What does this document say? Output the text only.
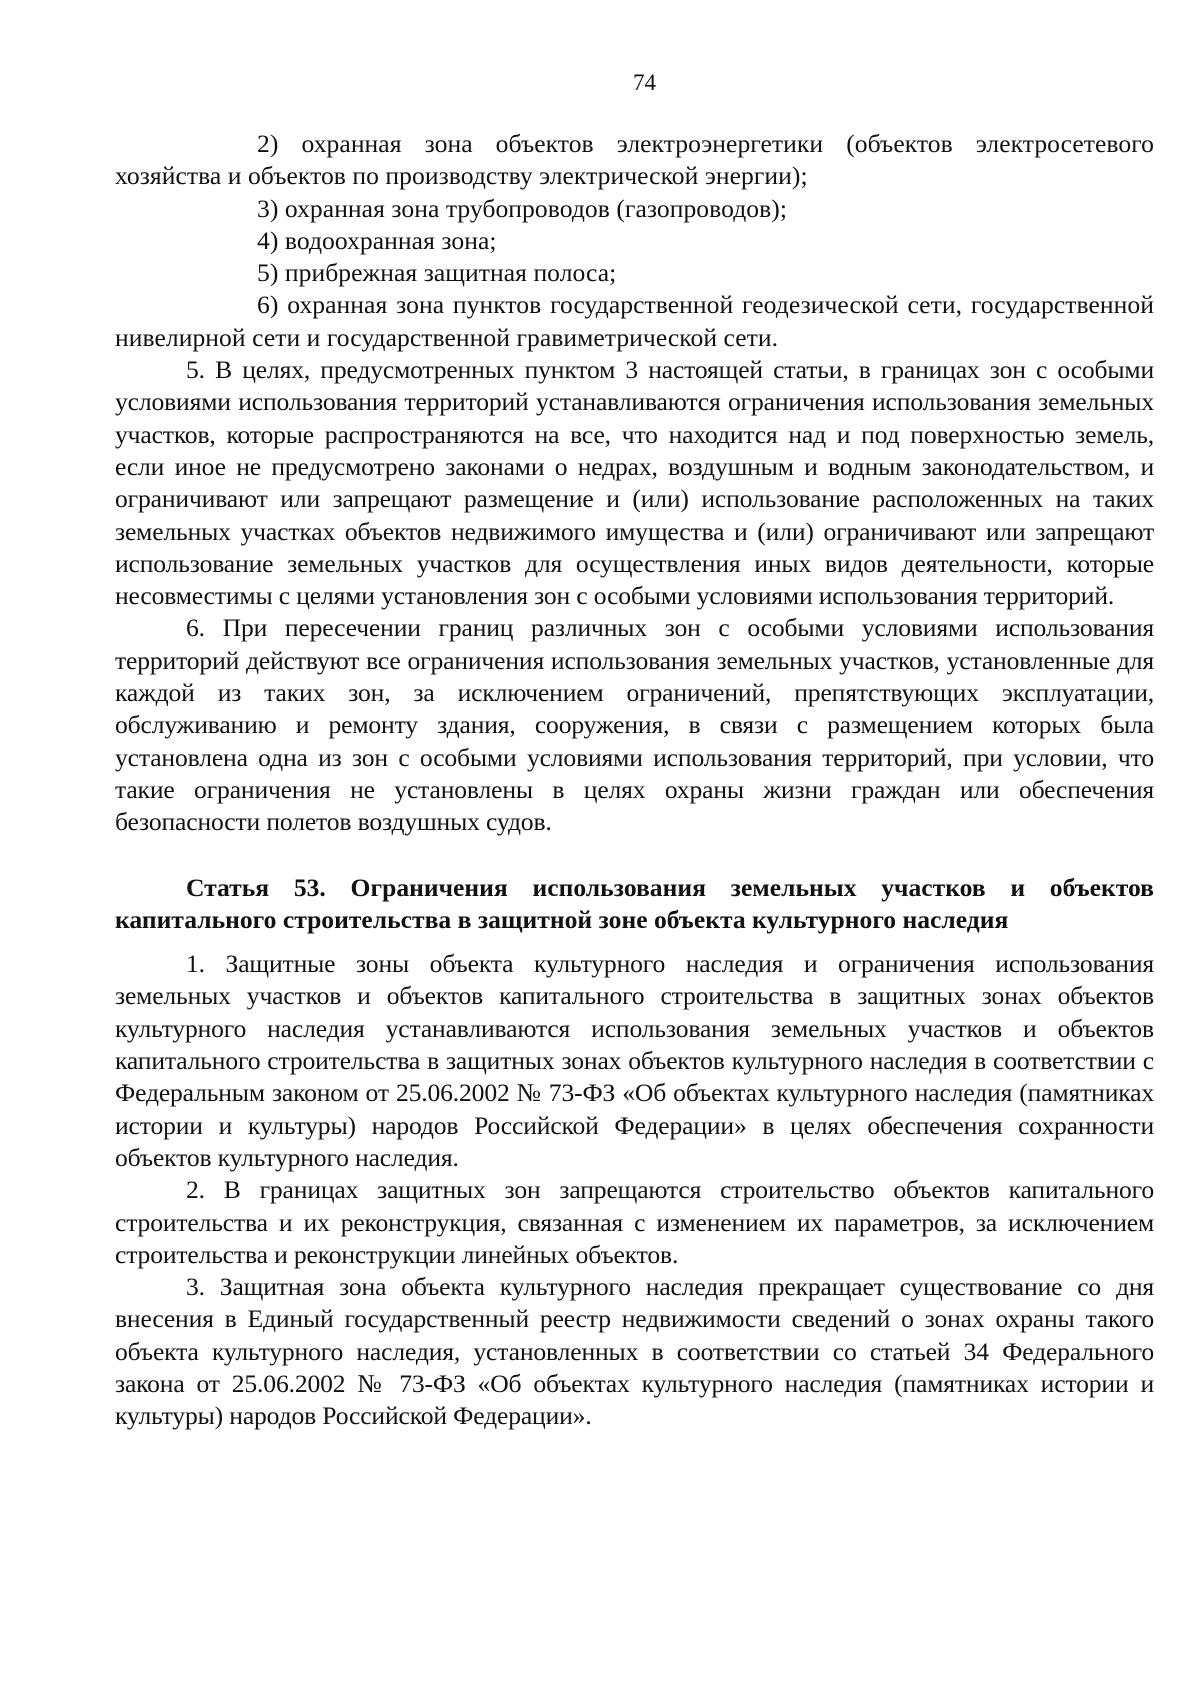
74

2) охранная зона объектов электроэнергетики (объектов электросетевого хозяйства и объектов по производству электрической энергии);

3) охранная зона трубопроводов (газопроводов);

4) водоохранная зона;

5) прибрежная защитная полоса;

6) охранная зона пунктов государственной геодезической сети, государственной нивелирной сети и государственной гравиметрической сети.

5. В целях, предусмотренных пунктом 3 настоящей статьи, в границах зон с особыми условиями использования территорий устанавливаются ограничения использования земельных участков, которые распространяются на все, что находится над и под поверхностью земель, если иное не предусмотрено законами о недрах, воздушным и водным законодательством, и ограничивают или запрещают размещение и (или) использование расположенных на таких земельных участках объектов недвижимого имущества и (или) ограничивают или запрещают использование земельных участков для осуществления иных видов деятельности, которые несовместимы с целями установления зон с особыми условиями использования территорий.

6. При пересечении границ различных зон с особыми условиями использования территорий действуют все ограничения использования земельных участков, установленные для каждой из таких зон, за исключением ограничений, препятствующих эксплуатации, обслуживанию и ремонту здания, сооружения, в связи с размещением которых была установлена одна из зон с особыми условиями использования территорий, при условии, что такие ограничения не установлены в целях охраны жизни граждан или обеспечения безопасности полетов воздушных судов.

Статья 53. Ограничения использования земельных участков и объектов капитального строительства в защитной зоне объекта культурного наследия

1. Защитные зоны объекта культурного наследия и ограничения использования земельных участков и объектов капитального строительства в защитных зонах объектов культурного наследия устанавливаются использования земельных участков и объектов капитального строительства в защитных зонах объектов культурного наследия в соответствии с Федеральным законом от 25.06.2002 № 73-ФЗ «Об объектах культурного наследия (памятниках истории и культуры) народов Российской Федерации» в целях обеспечения сохранности объектов культурного наследия.

2. В границах защитных зон запрещаются строительство объектов капитального строительства и их реконструкция, связанная с изменением их параметров, за исключением строительства и реконструкции линейных объектов.

3. Защитная зона объекта культурного наследия прекращает существование со дня внесения в Единый государственный реестр недвижимости сведений о зонах охраны такого объекта культурного наследия, установленных в соответствии со статьей 34 Федерального закона от 25.06.2002 № 73-ФЗ «Об объектах культурного наследия (памятниках истории и культуры) народов Российской Федерации».
